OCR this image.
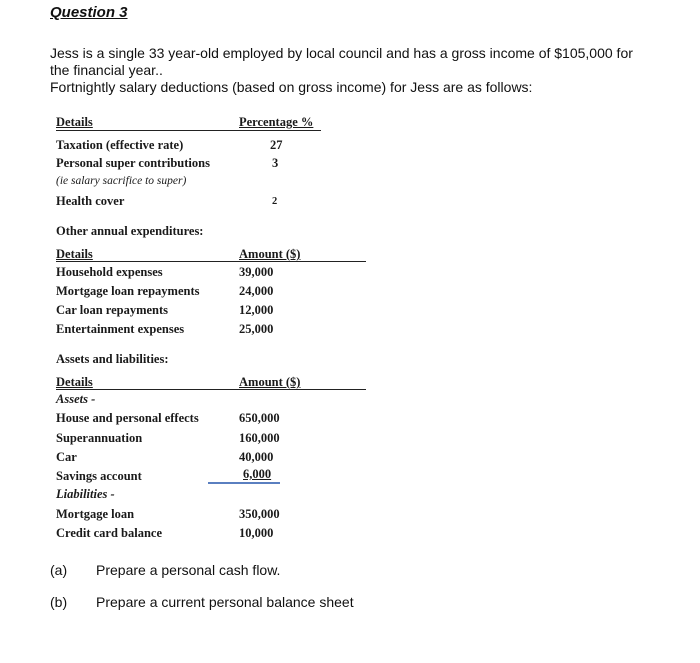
Question 3
Jess is a single 33 year-old employed by local council and has a gross income of $105,000 for
the financial year..
Fortnightly salary deductions (based on gross income) for Jess are as follows:
Details	Percentage %
Taxation (effective rate)	27
Personal super contributions	3
(ie salary sacrifice to super)
Health cover	2
Other annual expenditures:
Details	Amount ($)
Household expenses	39,000
Mortgage loan repayments	24,000
Car loan repayments	12,000
Entertainment expenses	25,000
Assets and liabilities:
Details	Amount ($)
Assets -
House and personal effects	650,000
Superannuation	160,000
Car	40,000
Savings account	6,000
Liabilities -
Mortgage loan	350,000
Credit card balance	10,000
(a) Prepare a personal cash flow.
(b) Prepare a current personal balance sheet
